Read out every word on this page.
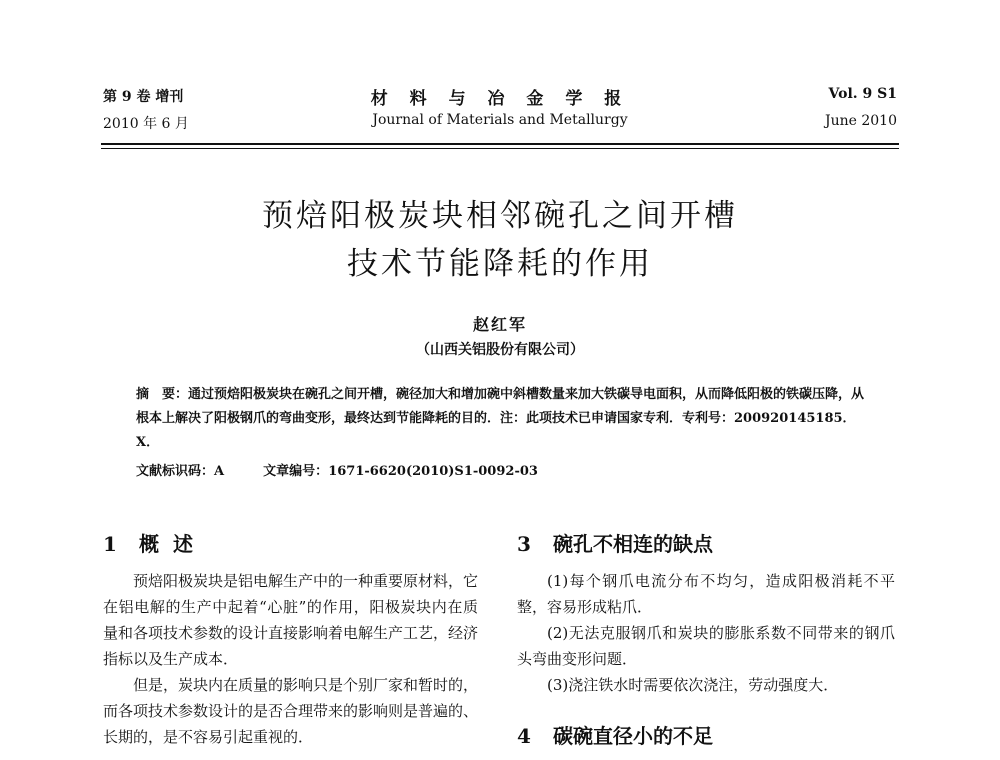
第 9 卷 增刊
2010 年 6 月
材 料 与 冶 金 学 报
Journal of Materials and Metallurgy
Vol. 9 S1
June 2010
预焙阳极炭块相邻碗孔之间开槽
技术节能降耗的作用
赵红军
（山西关铝股份有限公司）
摘　要：通过预焙阳极炭块在碗孔之间开槽，碗径加大和增加碗中斜槽数量来加大铁碳导电面积，从而降低阳极的铁碳压降，从根本上解决了阳极钢爪的弯曲变形，最终达到节能降耗的目的．注：此项技术已申请国家专利．专利号：200920145185．X．
文献标识码：A	文章编号：1671-6620(2010)S1-0092-03
1 概述

预焙阳极炭块是铝电解生产中的一种重要原材料，它在铝电解的生产中起着“心脏”的作用，阳极炭块内在质量和各项技术参数的设计直接影响着电解生产工艺，经济指标以及生产成本．

但是，炭块内在质量的影响只是个别厂家和暂时的，而各项技术参数设计的是否合理带来的影响则是普遍的、长期的，是不容易引起重视的．

3 碗孔不相连的缺点

(1)每个钢爪电流分布不均匀，造成阳极消耗不平整，容易形成粘爪．

(2)无法克服钢爪和炭块的膨胀系数不同带来的钢爪头弯曲变形问题．

(3)浇注铁水时需要依次浇注，劳动强度大．

4 碳碗直径小的不足
